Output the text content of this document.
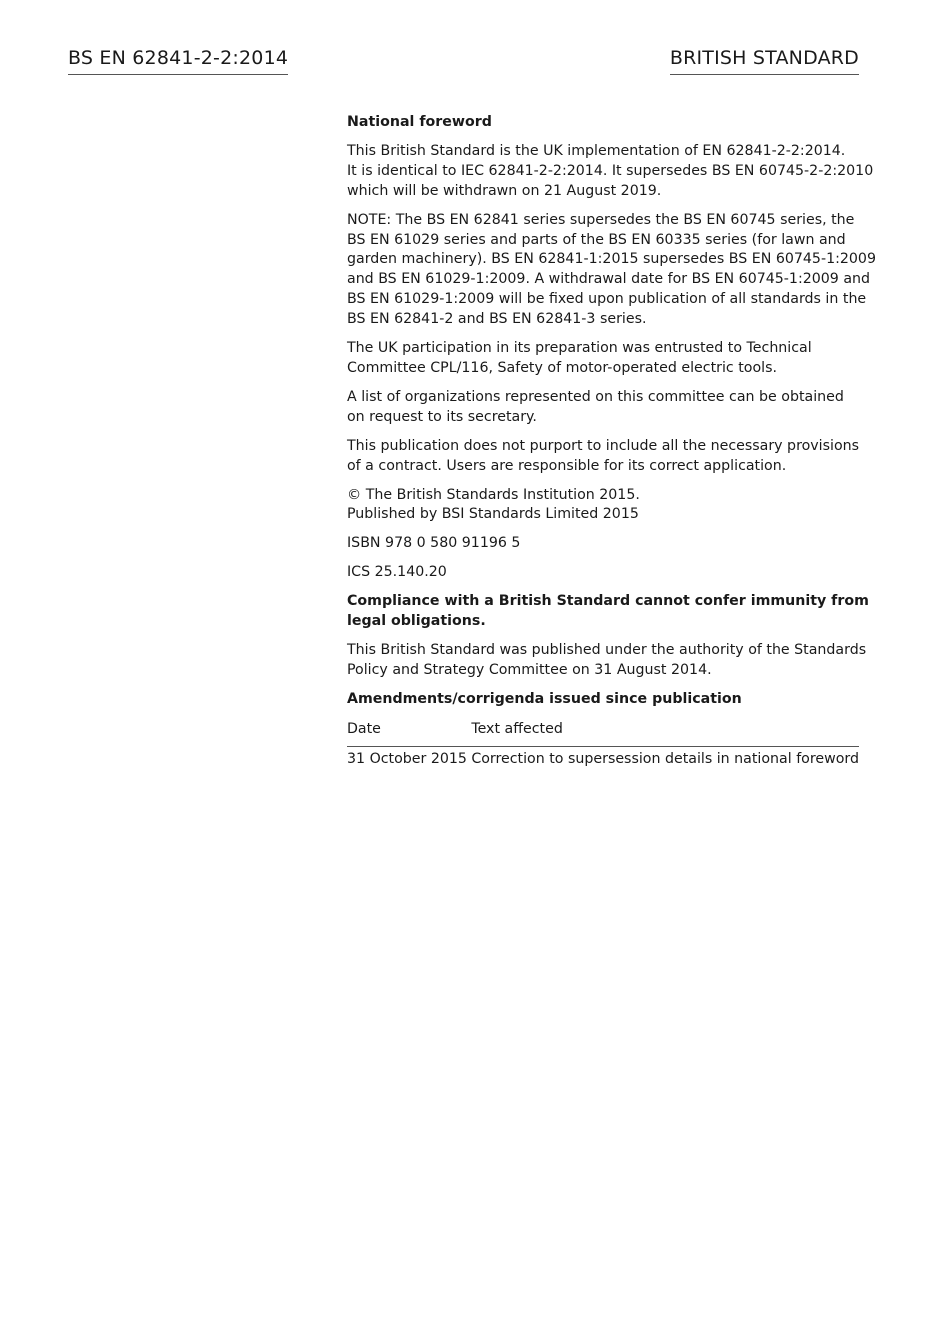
BS EN 62841-2-2:2014	BRITISH STANDARD

National foreword

This British Standard is the UK implementation of EN 62841-2-2:2014.
It is identical to IEC 62841-2-2:2014. It supersedes BS EN 60745-2-2:2010
which will be withdrawn on 21 August 2019.

NOTE: The BS EN 62841 series supersedes the BS EN 60745 series, the
BS EN 61029 series and parts of the BS EN 60335 series (for lawn and
garden machinery). BS EN 62841-1:2015 supersedes BS EN 60745-1:2009
and BS EN 61029-1:2009. A withdrawal date for BS EN 60745-1:2009 and
BS EN 61029-1:2009 will be fixed upon publication of all standards in the
BS EN 62841-2 and BS EN 62841-3 series.

The UK participation in its preparation was entrusted to Technical
Committee CPL/116, Safety of motor-operated electric tools.

A list of organizations represented on this committee can be obtained
on request to its secretary.

This publication does not purport to include all the necessary provisions
of a contract. Users are responsible for its correct application.

© The British Standards Institution 2015.
Published by BSI Standards Limited 2015

ISBN 978 0 580 91196 5

ICS 25.140.20

Compliance with a British Standard cannot confer immunity from
legal obligations.

This British Standard was published under the authority of the Standards
Policy and Strategy Committee on 31 August 2014.

Amendments/corrigenda issued since publication

Date	Text affected
31 October 2015	Correction to supersession details in national foreword
